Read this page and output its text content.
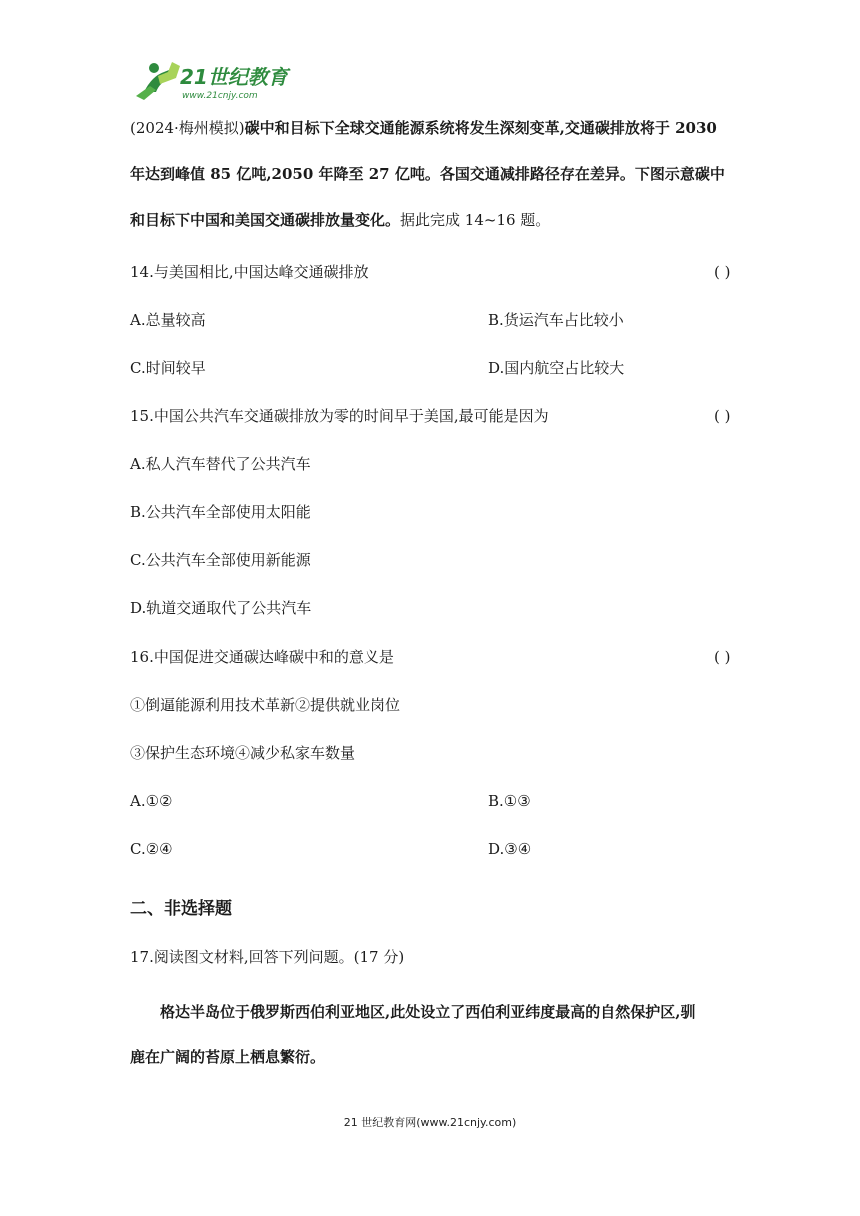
21世纪教育
www.21cnjy.com
(2024·梅州模拟)碳中和目标下全球交通能源系统将发生深刻变革,交通碳排放将于 2030
年达到峰值 85 亿吨,2050 年降至 27 亿吨。各国交通减排路径存在差异。下图示意碳中
和目标下中国和美国交通碳排放量变化。据此完成 14~16 题。
14.与美国相比,中国达峰交通碳排放	( )
A.总量较高	B.货运汽车占比较小
C.时间较早	D.国内航空占比较大
15.中国公共汽车交通碳排放为零的时间早于美国,最可能是因为	( )
A.私人汽车替代了公共汽车
B.公共汽车全部使用太阳能
C.公共汽车全部使用新能源
D.轨道交通取代了公共汽车
16.中国促进交通碳达峰碳中和的意义是	( )
①倒逼能源利用技术革新②提供就业岗位
③保护生态环境④减少私家车数量
A.①②	B.①③
C.②④	D.③④
二、非选择题
17.阅读图文材料,回答下列问题。(17 分)
格达半岛位于俄罗斯西伯利亚地区,此处设立了西伯利亚纬度最高的自然保护区,驯
鹿在广阔的苔原上栖息繁衍。
21 世纪教育网(www.21cnjy.com)
